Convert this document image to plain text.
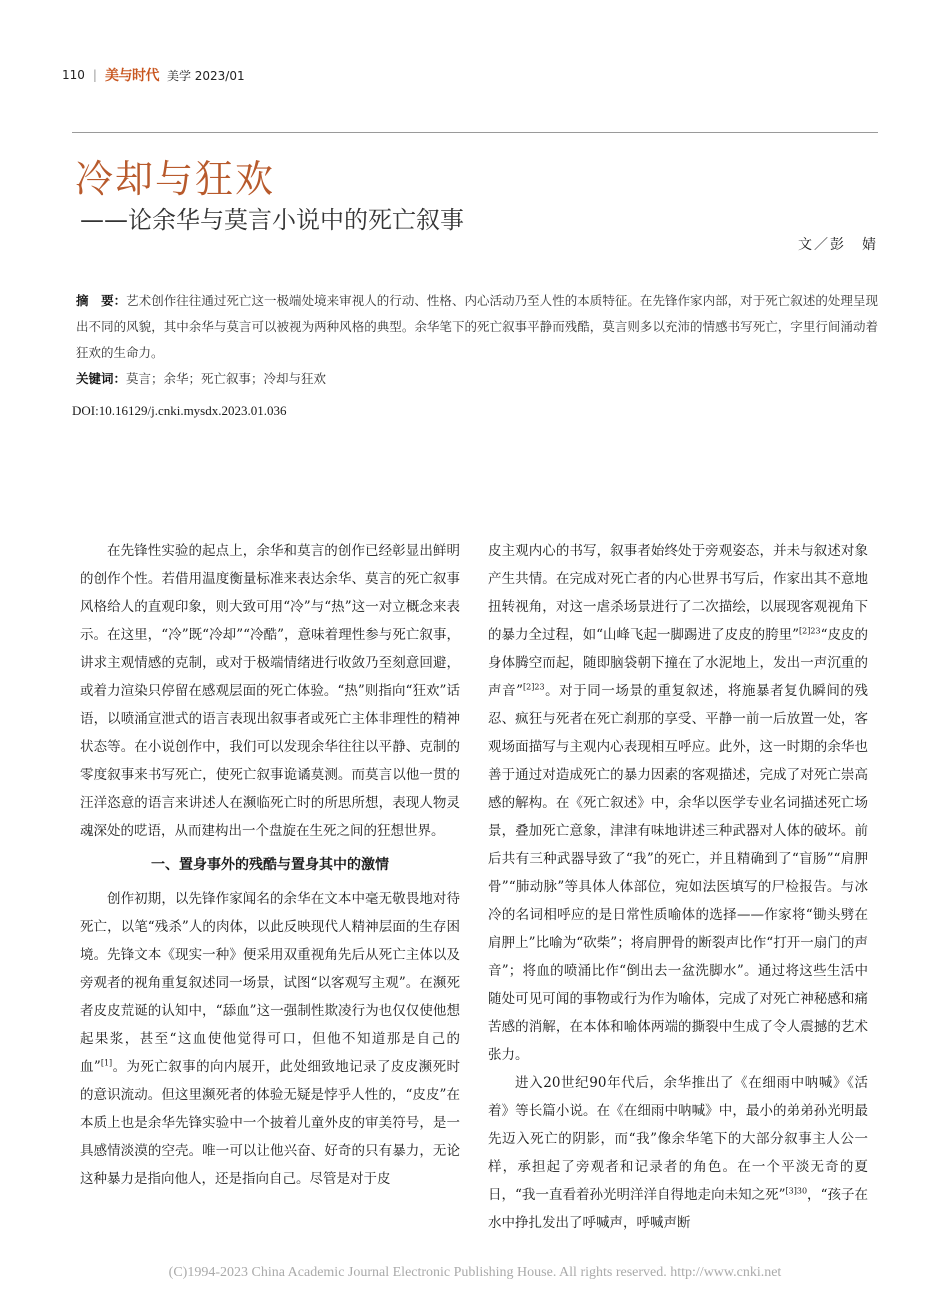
110 | 美与时代 美学 2023/01
冷却与狂欢
——论余华与莫言小说中的死亡叙事
文／彭　婧
摘　要：艺术创作往往通过死亡这一极端处境来审视人的行动、性格、内心活动乃至人性的本质特征。在先锋作家内部，对于死亡叙述的处理呈现出不同的风貌，其中余华与莫言可以被视为两种风格的典型。余华笔下的死亡叙事平静而残酷，莫言则多以充沛的情感书写死亡，字里行间涌动着狂欢的生命力。
关键词：莫言；余华；死亡叙事；冷却与狂欢
DOI:10.16129/j.cnki.mysdx.2023.01.036

在先锋性实验的起点上，余华和莫言的创作已经彰显出鲜明的创作个性。若借用温度衡量标准来表达余华、莫言的死亡叙事风格给人的直观印象，则大致可用“冷”与“热”这一对立概念来表示。在这里，“冷”既“冷却”“冷酷”，意味着理性参与死亡叙事，讲求主观情感的克制，或对于极端情绪进行收敛乃至刻意回避，或着力渲染只停留在感观层面的死亡体验。“热”则指向“狂欢”话语，以喷涌宣泄式的语言表现出叙事者或死亡主体非理性的精神状态等。在小说创作中，我们可以发现余华往往以平静、克制的零度叙事来书写死亡，使死亡叙事诡谲莫测。而莫言以他一贯的汪洋恣意的语言来讲述人在濒临死亡时的所思所想，表现人物灵魂深处的呓语，从而建构出一个盘旋在生死之间的狂想世界。

一、置身事外的残酷与置身其中的激情

创作初期，以先锋作家闻名的余华在文本中毫无敬畏地对待死亡，以笔“残杀”人的肉体，以此反映现代人精神层面的生存困境。先锋文本《现实一种》便采用双重视角先后从死亡主体以及旁观者的视角重复叙述同一场景，试图“以客观写主观”。在濒死者皮皮荒诞的认知中，“舔血”这一强制性欺凌行为也仅仅使他想起果浆，甚至“这血使他觉得可口，但他不知道那是自己的血”[1]。为死亡叙事的向内展开，此处细致地记录了皮皮濒死时的意识流动。但这里濒死者的体验无疑是悖乎人性的，“皮皮”在本质上也是余华先锋实验中一个披着儿童外皮的审美符号，是一具感情淡漠的空壳。唯一可以让他兴奋、好奇的只有暴力，无论这种暴力是指向他人，还是指向自己。尽管是对于皮

皮主观内心的书写，叙事者始终处于旁观姿态，并未与叙述对象产生共情。在完成对死亡者的内心世界书写后，作家出其不意地扭转视角，对这一虐杀场景进行了二次描绘，以展现客观视角下的暴力全过程，如“山峰飞起一脚踢进了皮皮的胯里”$^{[2]23}$“皮皮的身体腾空而起，随即脑袋朝下撞在了水泥地上，发出一声沉重的声音”$^{[2]23}$。对于同一场景的重复叙述，将施暴者复仇瞬间的残忍、疯狂与死者在死亡刹那的享受、平静一前一后放置一处，客观场面描写与主观内心表现相互呼应。此外，这一时期的余华也善于通过对造成死亡的暴力因素的客观描述，完成了对死亡崇高感的解构。在《死亡叙述》中，余华以医学专业名词描述死亡场景，叠加死亡意象，津津有味地讲述三种武器对人体的破坏。前后共有三种武器导致了“我”的死亡，并且精确到了“盲肠”“肩胛骨”“肺动脉”等具体人体部位，宛如法医填写的尸检报告。与冰冷的名词相呼应的是日常性质喻体的选择——作家将“锄头劈在肩胛上”比喻为“砍柴”；将肩胛骨的断裂声比作“打开一扇门的声音”；将血的喷涌比作“倒出去一盆洗脚水”。通过将这些生活中随处可见可闻的事物或行为作为喻体，完成了对死亡神秘感和痛苦感的消解，在本体和喻体两端的撕裂中生成了令人震撼的艺术张力。

进入20世纪90年代后，余华推出了《在细雨中呐喊》《活着》等长篇小说。在《在细雨中呐喊》中，最小的弟弟孙光明最先迈入死亡的阴影，而“我”像余华笔下的大部分叙事主人公一样，承担起了旁观者和记录者的角色。在一个平淡无奇的夏日，“我一直看着孙光明洋洋自得地走向未知之死”$^{[3]30}$，“孩子在水中挣扎发出了呼喊声，呼喊声断

(C)1994-2023 China Academic Journal Electronic Publishing House. All rights reserved. http://www.cnki.net
